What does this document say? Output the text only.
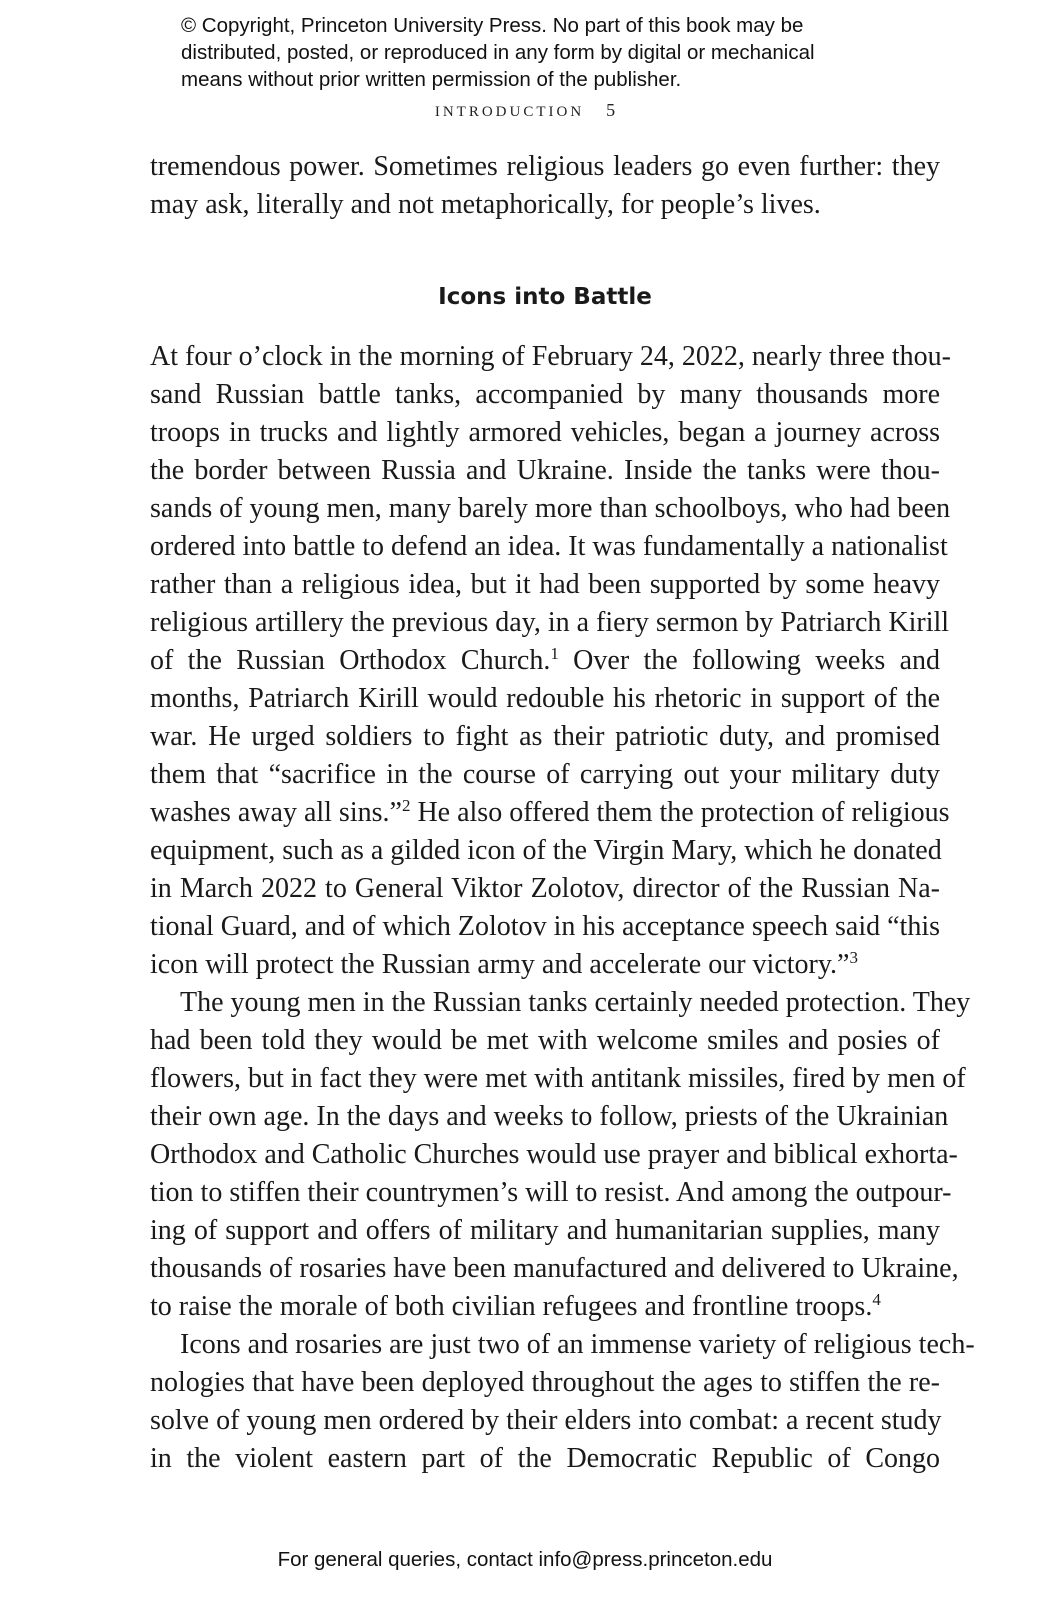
© Copyright, Princeton University Press. No part of this book may be
distributed, posted, or reproduced in any form by digital or mechanical
means without prior written permission of the publisher.
INTRODUCTION 5
tremendous power. Sometimes religious leaders go even further: they
may ask, literally and not metaphorically, for people’s lives.
At four o’clock in the morning of February 24, 2022, nearly three thou-
sand Russian battle tanks, accompanied by many thousands more
troops in trucks and lightly armored vehicles, began a journey across
the border between Russia and Ukraine. Inside the tanks were thou-
sands of young men, many barely more than schoolboys, who had been
ordered into battle to defend an idea. It was fundamentally a nationalist
rather than a religious idea, but it had been supported by some heavy
religious artillery the previous day, in a fiery sermon by Patriarch Kirill
of the Russian Orthodox Church.$^1$ Over the following weeks and
months, Patriarch Kirill would redouble his rhetoric in support of the
war. He urged soldiers to fight as their patriotic duty, and promised
them that “sacrifice in the course of carrying out your military duty
washes away all sins.”$^2$ He also offered them the protection of religious
equipment, such as a gilded icon of the Virgin Mary, which he donated
in March 2022 to General Viktor Zolotov, director of the Russian Na-
tional Guard, and of which Zolotov in his acceptance speech said “this
icon will protect the Russian army and accelerate our victory.”$^3$
The young men in the Russian tanks certainly needed protection. They
had been told they would be met with welcome smiles and posies of
flowers, but in fact they were met with antitank missiles, fired by men of
their own age. In the days and weeks to follow, priests of the Ukrainian
Orthodox and Catholic Churches would use prayer and biblical exhorta-
tion to stiffen their countrymen’s will to resist. And among the outpour-
ing of support and offers of military and humanitarian supplies, many
thousands of rosaries have been manufactured and delivered to Ukraine,
to raise the morale of both civilian refugees and frontline troops.$^4$
Icons and rosaries are just two of an immense variety of religious tech-
nologies that have been deployed throughout the ages to stiffen the re-
solve of young men ordered by their elders into combat: a recent study
in the violent eastern part of the Democratic Republic of Congo
Icons into Battle
For general queries, contact info@press.princeton.edu
